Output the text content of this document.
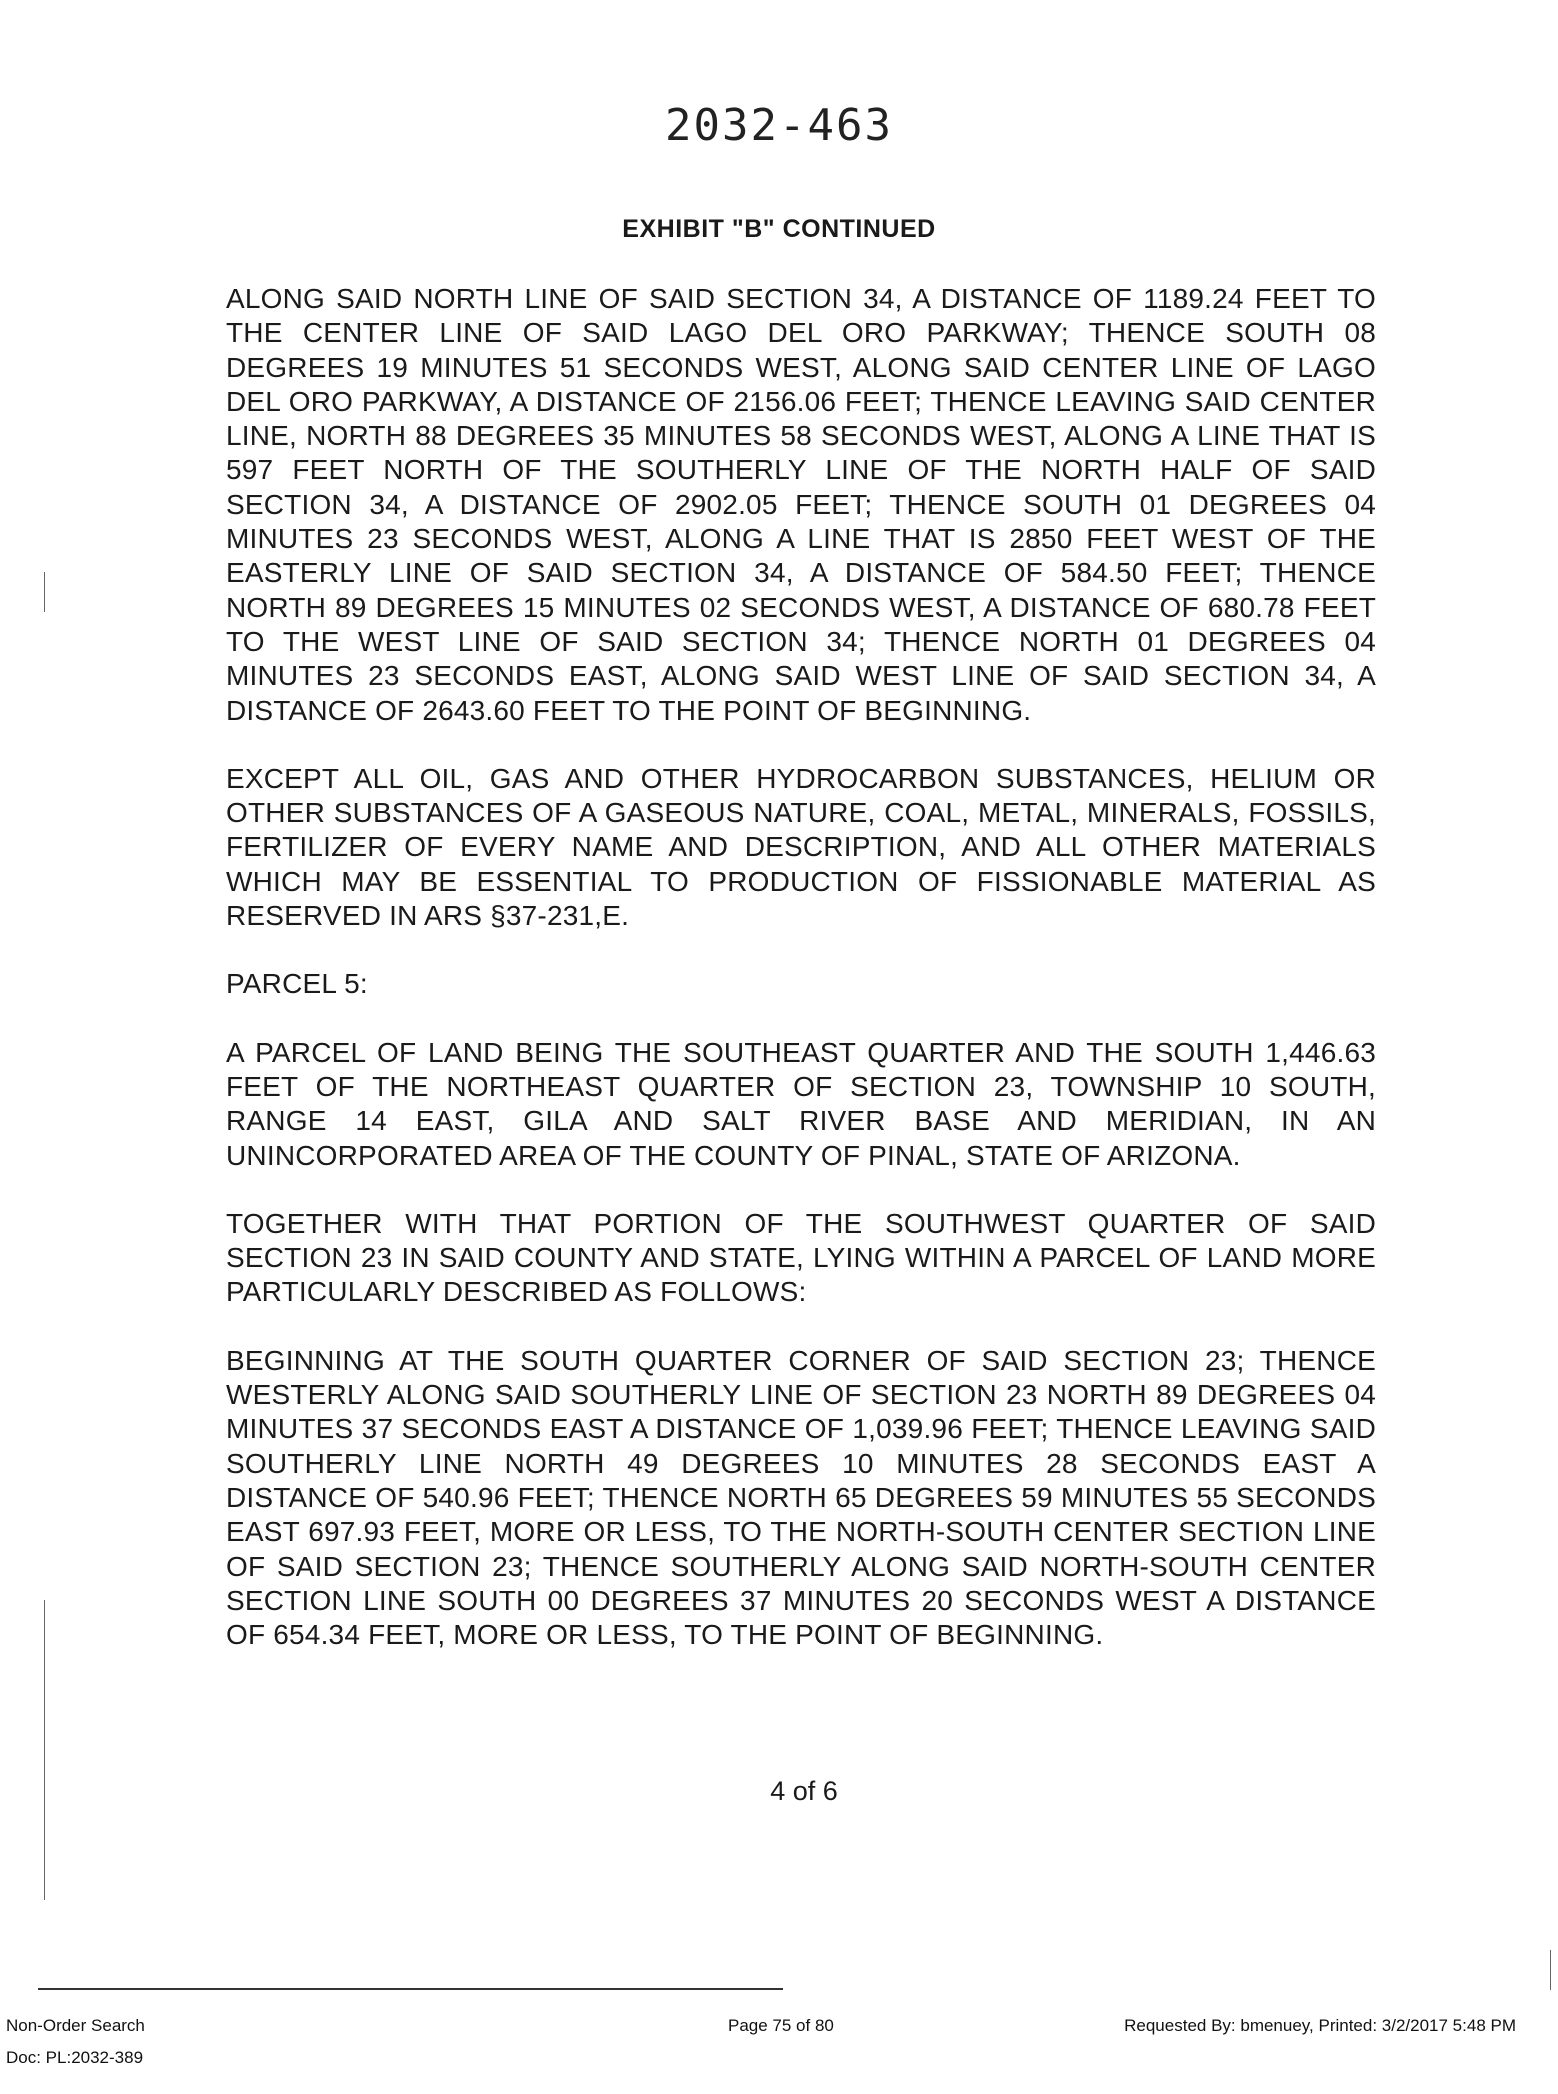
2032-463
EXHIBIT "B" CONTINUED

ALONG SAID NORTH LINE OF SAID SECTION 34, A DISTANCE OF 1189.24 FEET TO THE CENTER LINE OF SAID LAGO DEL ORO PARKWAY; THENCE SOUTH 08 DEGREES 19 MINUTES 51 SECONDS WEST, ALONG SAID CENTER LINE OF LAGO DEL ORO PARKWAY, A DISTANCE OF 2156.06 FEET; THENCE LEAVING SAID CENTER LINE, NORTH 88 DEGREES 35 MINUTES 58 SECONDS WEST, ALONG A LINE THAT IS 597 FEET NORTH OF THE SOUTHERLY LINE OF THE NORTH HALF OF SAID SECTION 34, A DISTANCE OF 2902.05 FEET; THENCE SOUTH 01 DEGREES 04 MINUTES 23 SECONDS WEST, ALONG A LINE THAT IS 2850 FEET WEST OF THE EASTERLY LINE OF SAID SECTION 34, A DISTANCE OF 584.50 FEET; THENCE NORTH 89 DEGREES 15 MINUTES 02 SECONDS WEST, A DISTANCE OF 680.78 FEET TO THE WEST LINE OF SAID SECTION 34; THENCE NORTH 01 DEGREES 04 MINUTES 23 SECONDS EAST, ALONG SAID WEST LINE OF SAID SECTION 34, A DISTANCE OF 2643.60 FEET TO THE POINT OF BEGINNING.

EXCEPT ALL OIL, GAS AND OTHER HYDROCARBON SUBSTANCES, HELIUM OR OTHER SUBSTANCES OF A GASEOUS NATURE, COAL, METAL, MINERALS, FOSSILS, FERTILIZER OF EVERY NAME AND DESCRIPTION, AND ALL OTHER MATERIALS WHICH MAY BE ESSENTIAL TO PRODUCTION OF FISSIONABLE MATERIAL AS RESERVED IN ARS §37-231,E.

PARCEL 5:

A PARCEL OF LAND BEING THE SOUTHEAST QUARTER AND THE SOUTH 1,446.63 FEET OF THE NORTHEAST QUARTER OF SECTION 23, TOWNSHIP 10 SOUTH, RANGE 14 EAST, GILA AND SALT RIVER BASE AND MERIDIAN, IN AN UNINCORPORATED AREA OF THE COUNTY OF PINAL, STATE OF ARIZONA.

TOGETHER WITH THAT PORTION OF THE SOUTHWEST QUARTER OF SAID SECTION 23 IN SAID COUNTY AND STATE, LYING WITHIN A PARCEL OF LAND MORE PARTICULARLY DESCRIBED AS FOLLOWS:

BEGINNING AT THE SOUTH QUARTER CORNER OF SAID SECTION 23; THENCE WESTERLY ALONG SAID SOUTHERLY LINE OF SECTION 23 NORTH 89 DEGREES 04 MINUTES 37 SECONDS EAST A DISTANCE OF 1,039.96 FEET; THENCE LEAVING SAID SOUTHERLY LINE NORTH 49 DEGREES 10 MINUTES 28 SECONDS EAST A DISTANCE OF 540.96 FEET; THENCE NORTH 65 DEGREES 59 MINUTES 55 SECONDS EAST 697.93 FEET, MORE OR LESS, TO THE NORTH-SOUTH CENTER SECTION LINE OF SAID SECTION 23; THENCE SOUTHERLY ALONG SAID NORTH-SOUTH CENTER SECTION LINE SOUTH 00 DEGREES 37 MINUTES 20 SECONDS WEST A DISTANCE OF 654.34 FEET, MORE OR LESS, TO THE POINT OF BEGINNING.

4 of 6
Non-Order Search
Doc: PL:2032-389
Page 75 of 80	Requested By: bmenuey, Printed: 3/2/2017 5:48 PM
